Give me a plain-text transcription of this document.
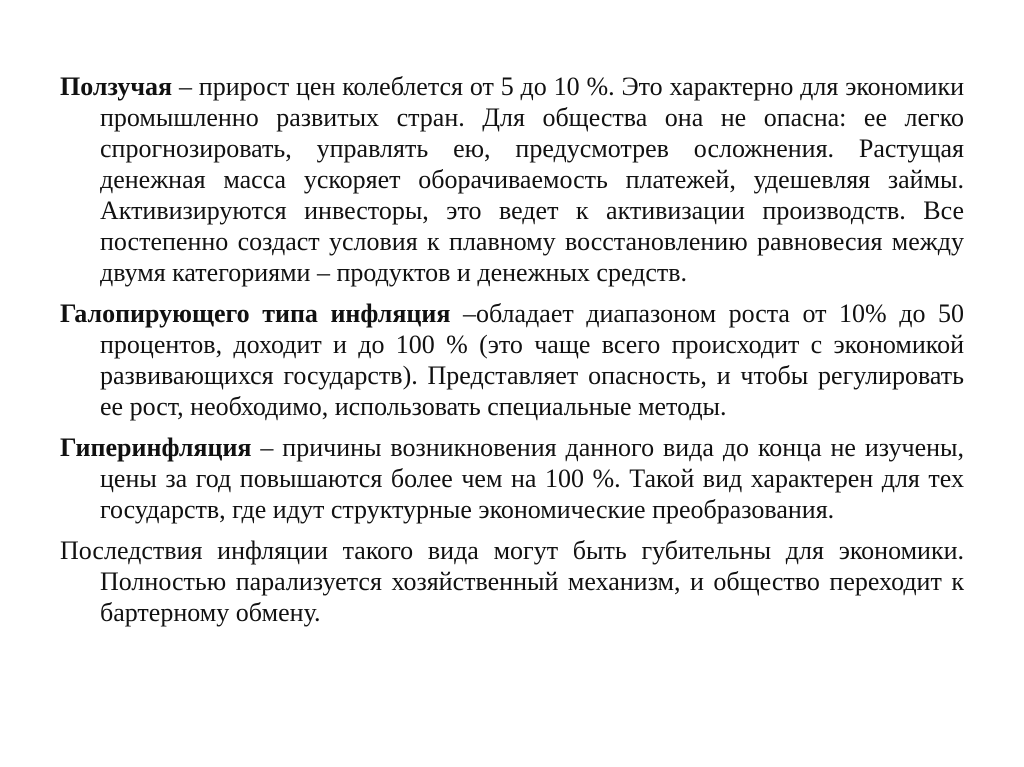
Ползучая – прирост цен колеблется от 5 до 10 %. Это характерно для экономики промышленно развитых стран. Для общества она не опасна: ее легко спрогнозировать, управлять ею, предусмотрев осложнения. Растущая денежная масса ускоряет оборачиваемость платежей, удешевляя займы. Активизируются инвесторы, это ведет к активизации производств. Все постепенно создаст условия к плавному восстановлению равновесия между двумя категориями – продуктов и денежных средств.

Галопирующего типа инфляция –обладает диапазоном роста от 10% до 50 процентов, доходит и до 100 % (это чаще всего происходит с экономикой развивающихся государств). Представляет опасность, и чтобы регулировать ее рост, необходимо, использовать специальные методы.

Гиперинфляция – причины возникновения данного вида до конца не изучены, цены за год повышаются более чем на 100 %. Такой вид характерен для тех государств, где идут структурные экономические преобразования.

Последствия инфляции такого вида могут быть губительны для экономики. Полностью парализуется хозяйственный механизм, и общество переходит к бартерному обмену.
